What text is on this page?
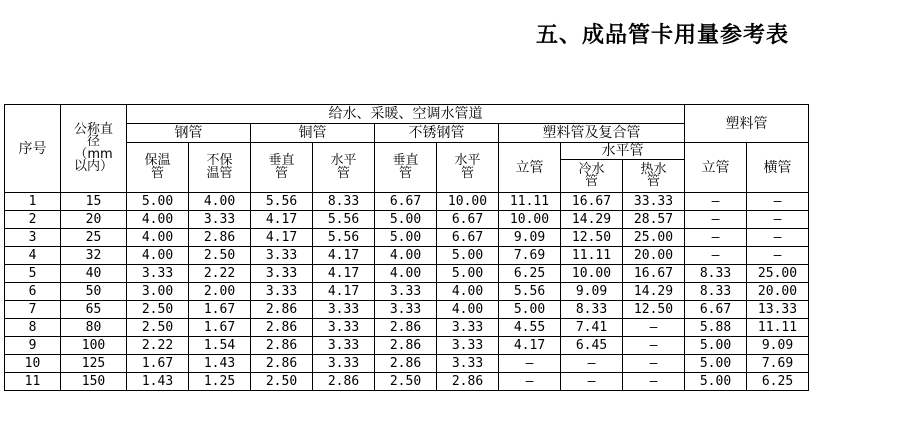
五、成品管卡用量参考表
序号	公称直径（mm以内）	给水、采暖、空调水管道									塑料管	
		钢管		铜管		不锈钢管		塑料管及复合管				
		保温管	不保温管	垂直管	水平管	垂直管	水平管	立管	水平管		立管	横管
									冷水管	热水管		
1	15	5.00	4.00	5.56	8.33	6.67	10.00	11.11	16.67	33.33	—	—
2	20	4.00	3.33	4.17	5.56	5.00	6.67	10.00	14.29	28.57	—	—
3	25	4.00	2.86	4.17	5.56	5.00	6.67	9.09	12.50	25.00	—	—
4	32	4.00	2.50	3.33	4.17	4.00	5.00	7.69	11.11	20.00	—	—
5	40	3.33	2.22	3.33	4.17	4.00	5.00	6.25	10.00	16.67	8.33	25.00
6	50	3.00	2.00	3.33	4.17	3.33	4.00	5.56	9.09	14.29	8.33	20.00
7	65	2.50	1.67	2.86	3.33	3.33	4.00	5.00	8.33	12.50	6.67	13.33
8	80	2.50	1.67	2.86	3.33	2.86	3.33	4.55	7.41	—	5.88	11.11
9	100	2.22	1.54	2.86	3.33	2.86	3.33	4.17	6.45	—	5.00	9.09
10	125	1.67	1.43	2.86	3.33	2.86	3.33	—	—	—	5.00	7.69
11	150	1.43	1.25	2.50	2.86	2.50	2.86	—	—	—	5.00	6.25
